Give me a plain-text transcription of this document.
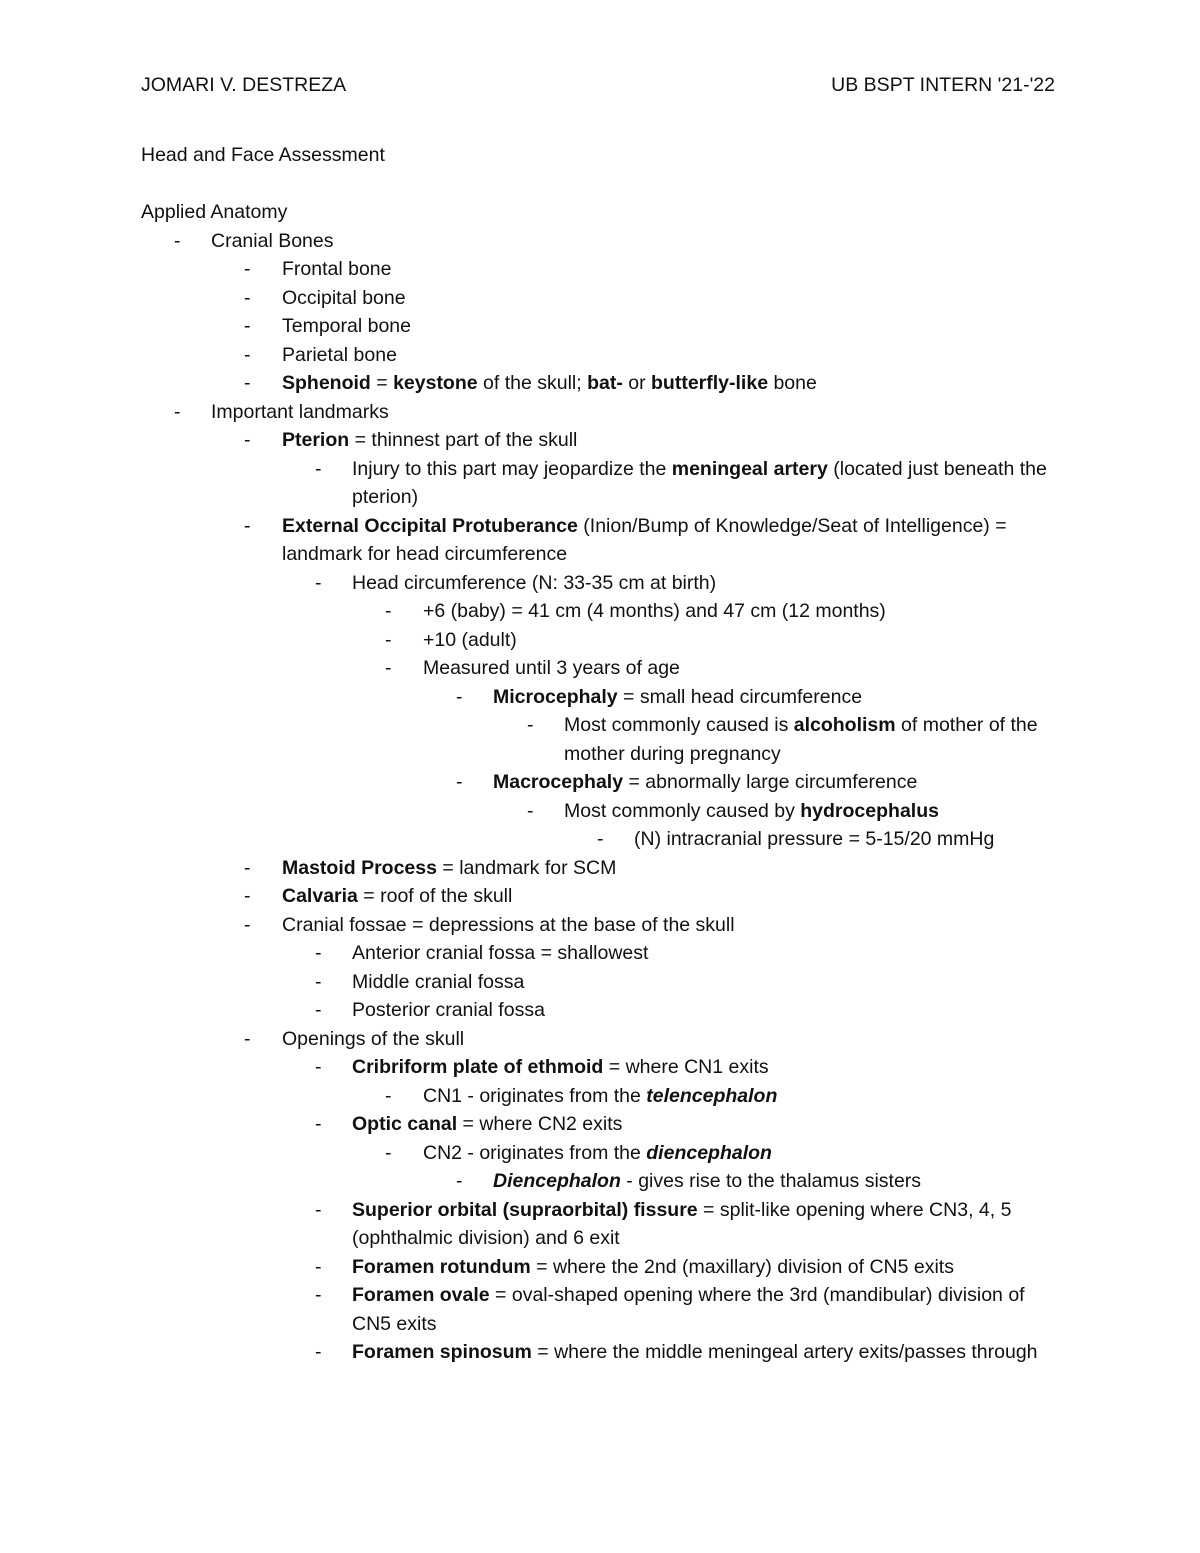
JOMARI V. DESTREZA	UB BSPT INTERN '21-'22
Head and Face Assessment
Applied Anatomy
- Cranial Bones
- Frontal bone
- Occipital bone
- Temporal bone
- Parietal bone
- Sphenoid = keystone of the skull; bat- or butterfly-like bone
- Important landmarks
- Pterion = thinnest part of the skull
- Injury to this part may jeopardize the meningeal artery (located just beneath the pterion)
- External Occipital Protuberance (Inion/Bump of Knowledge/Seat of Intelligence) = landmark for head circumference
- Head circumference (N: 33-35 cm at birth)
- +6 (baby) = 41 cm (4 months) and 47 cm (12 months)
- +10 (adult)
- Measured until 3 years of age
- Microcephaly = small head circumference
- Most commonly caused is alcoholism of mother of the mother during pregnancy
- Macrocephaly = abnormally large circumference
- Most commonly caused by hydrocephalus
- (N) intracranial pressure = 5-15/20 mmHg
- Mastoid Process = landmark for SCM
- Calvaria = roof of the skull
- Cranial fossae = depressions at the base of the skull
- Anterior cranial fossa = shallowest
- Middle cranial fossa
- Posterior cranial fossa
- Openings of the skull
- Cribriform plate of ethmoid = where CN1 exits
- CN1 - originates from the telencephalon
- Optic canal = where CN2 exits
- CN2 - originates from the diencephalon
- Diencephalon - gives rise to the thalamus sisters
- Superior orbital (supraorbital) fissure = split-like opening where CN3, 4, 5 (ophthalmic division) and 6 exit
- Foramen rotundum = where the 2nd (maxillary) division of CN5 exits
- Foramen ovale = oval-shaped opening where the 3rd (mandibular) division of CN5 exits
- Foramen spinosum = where the middle meningeal artery exits/passes through
